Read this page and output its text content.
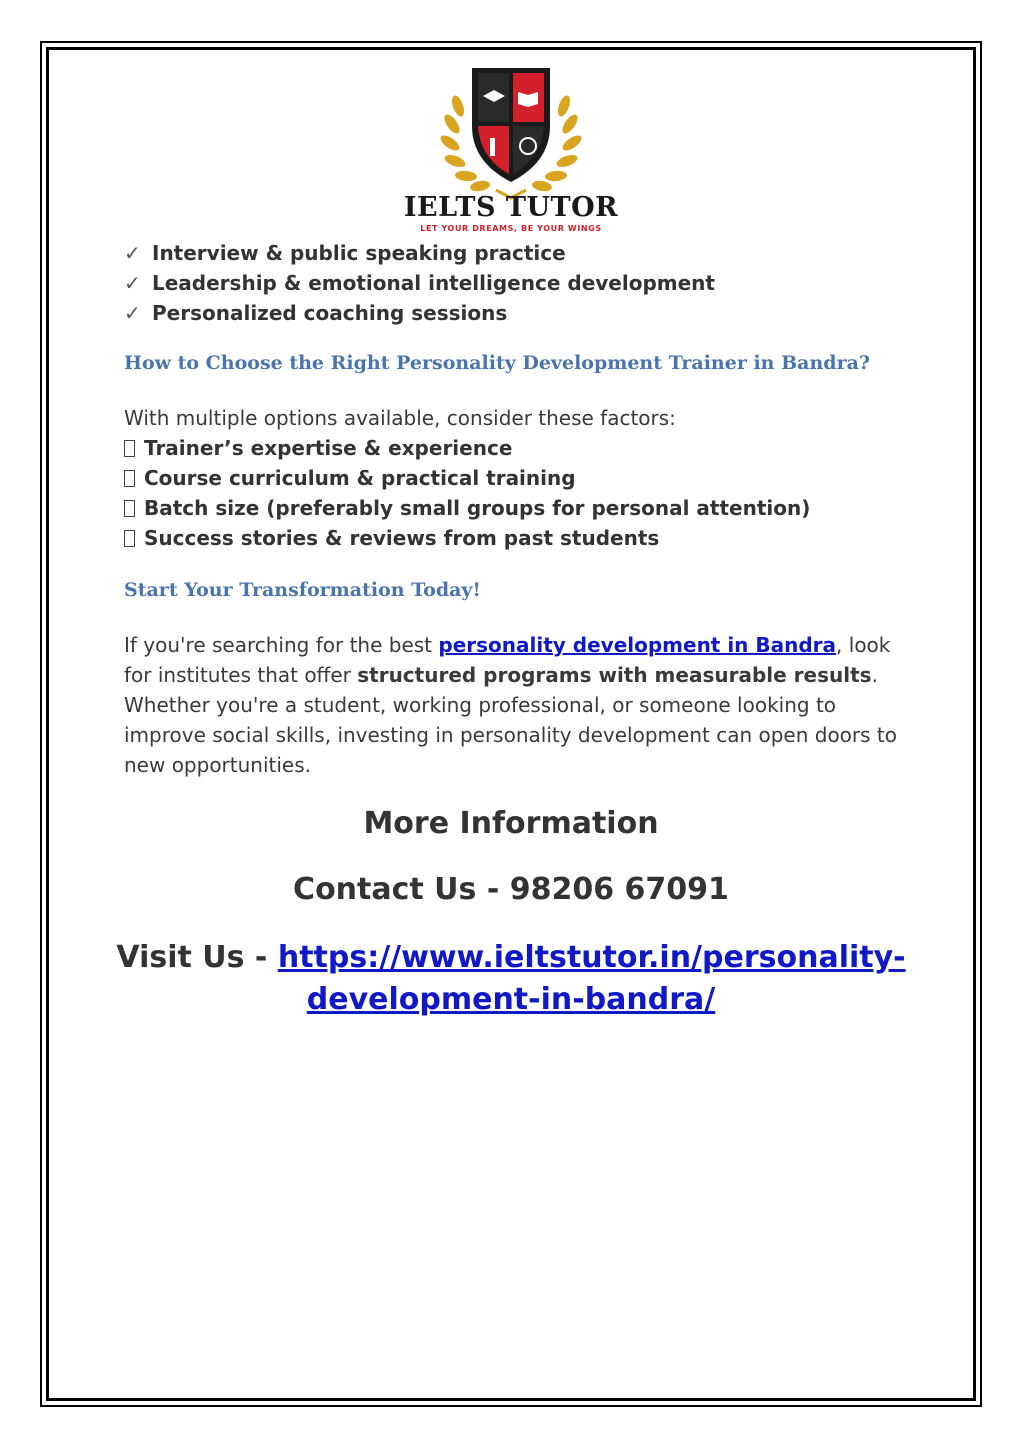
IELTS TUTOR
LET YOUR DREAMS, BE YOUR WINGS
✓ Interview & public speaking practice
✓ Leadership & emotional intelligence development
✓ Personalized coaching sessions
How to Choose the Right Personality Development Trainer in Bandra?
With multiple options available, consider these factors:
Trainer’s expertise & experience
Course curriculum & practical training
Batch size (preferably small groups for personal attention)
Success stories & reviews from past students
Start Your Transformation Today!
If you're searching for the best personality development in Bandra, look for institutes that offer structured programs with measurable results. Whether you're a student, working professional, or someone looking to improve social skills, investing in personality development can open doors to new opportunities.
More Information
Contact Us - 98206 67091
Visit Us - https://www.ieltstutor.in/personality-
development-in-bandra/
